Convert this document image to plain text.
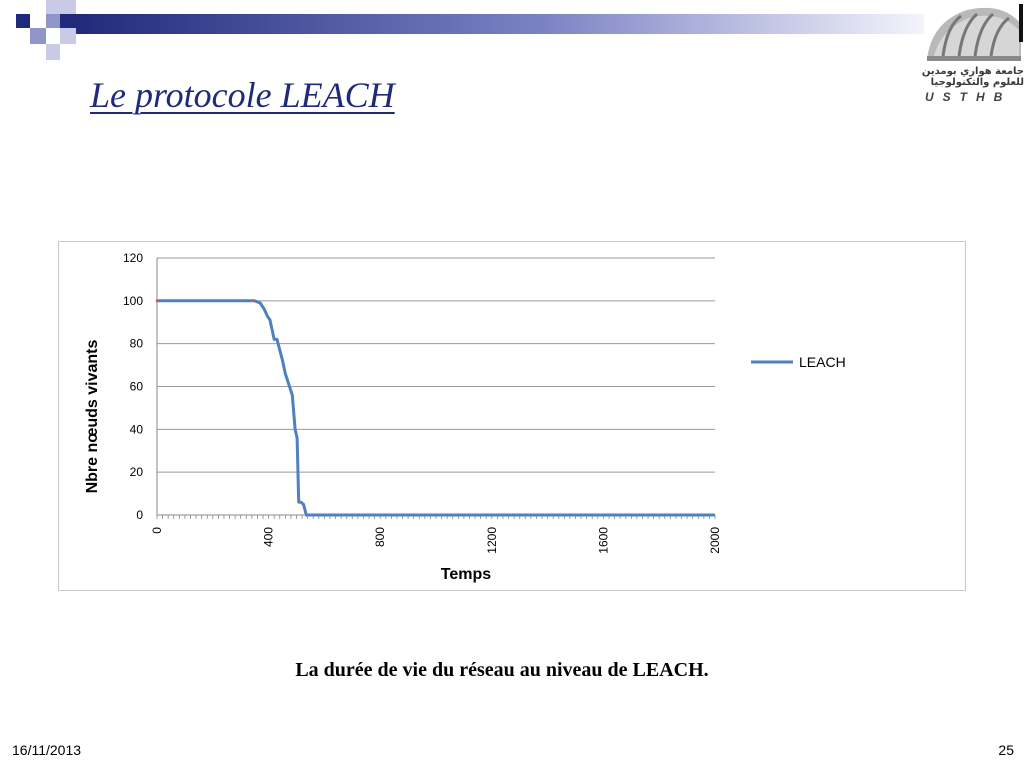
جامعة هواري بومدين
للعلوم والتكنولوجيا
USTHB
Le protocole LEACH
0
20
40
60
80
100
120
0	400	800	1200	1600	2000
Temps
Nbre nœuds vivants	LEACH
La durée de vie du réseau au niveau de LEACH.
16/11/2013	25
